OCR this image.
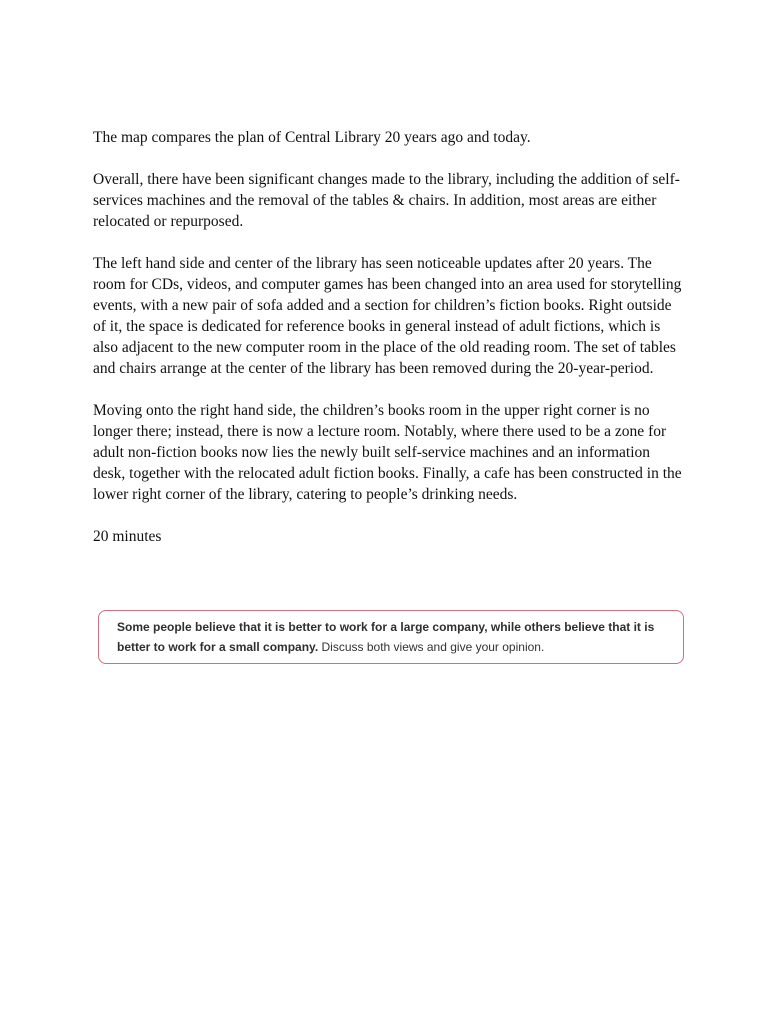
The map compares the plan of Central Library 20 years ago and today.

Overall, there have been significant changes made to the library, including the addition of self-services machines and the removal of the tables & chairs. In addition, most areas are either relocated or repurposed.

The left hand side and center of the library has seen noticeable updates after 20 years. The room for CDs, videos, and computer games has been changed into an area used for storytelling events, with a new pair of sofa added and a section for children’s fiction books. Right outside of it, the space is dedicated for reference books in general instead of adult fictions, which is also adjacent to the new computer room in the place of the old reading room. The set of tables and chairs arrange at the center of the library has been removed during the 20-year-period.

Moving onto the right hand side, the children’s books room in the upper right corner is no longer there; instead, there is now a lecture room. Notably, where there used to be a zone for adult non-fiction books now lies the newly built self-service machines and an information desk, together with the relocated adult fiction books. Finally, a cafe has been constructed in the lower right corner of the library, catering to people’s drinking needs.

20 minutes

Some people believe that it is better to work for a large company, while others believe that it is better to work for a small company. Discuss both views and give your opinion.
